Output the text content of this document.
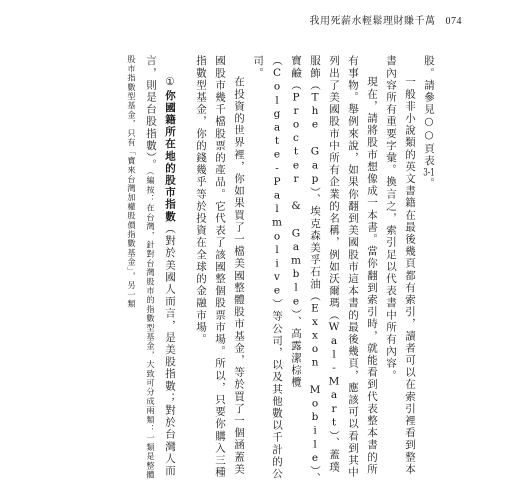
我用死薪水輕鬆理財賺千萬 074

股。請參見○○頁表3-1。

一般非小說類的英文書籍在最後幾頁都有索引，讀者可以在索引裡看到整本書內容所有重要字彙。換言之，索引足以代表書中所有內容。

現在，請將股市想像成一本書。當你翻到索引時，就能看到代表整本書的所有事物。舉例來說，如果你翻到美國股市這本書的最後幾頁，應該可以看到其中列出了美國股市中所有企業的名稱，例如沃爾瑪（Wal-Mart）、蓋璞服飾（The Gap）、埃克森美孚石油（Exxon Mobile）、寶鹼（Procter & Gamble）、高露潔棕欖（Colgate-Palmolive）等公司，以及其他數以千計的公司。

在投資的世界裡，你如果買了一檔美國整體股市基金，等於買了一個涵蓋美國股市幾千檔股票的產品。它代表了該國整個股票市場。所以，只要你購入三種指數型基金，你的錢幾乎等於投資在全球的金融市場。

①你國籍所在地的股市指數（對於美國人而言，是美股指數；對於台灣人而言，則是台股指數）。（編按：在台灣，針對台灣股市的指數型基金，大致可分成兩類：一類是整體股市指數型基金，只有「寶來台灣加權股價指數基金」，另一類
